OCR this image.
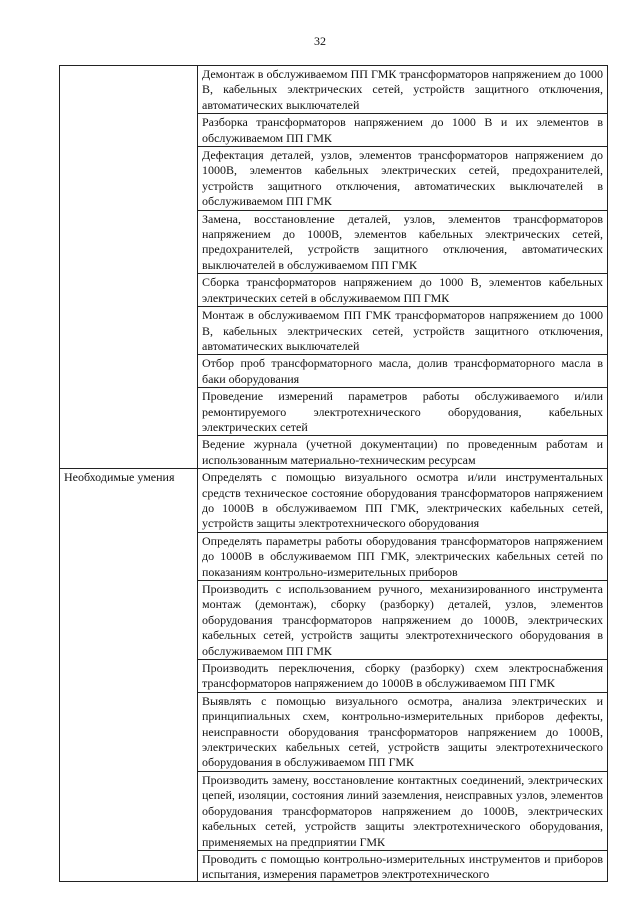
32
	Демонтаж в обслуживаемом ПП ГМК трансформаторов напряжением до 1000 В, кабельных электрических сетей, устройств защитного отключения, автоматических выключателей
	Разборка трансформаторов напряжением до 1000 В и их элементов в обслуживаемом ПП ГМК
	Дефектация деталей, узлов, элементов трансформаторов напряжением до 1000В, элементов кабельных электрических сетей, предохранителей, устройств защитного отключения, автоматических выключателей в обслуживаемом ПП ГМК
	Замена, восстановление деталей, узлов, элементов трансформаторов напряжением до 1000В, элементов кабельных электрических сетей, предохранителей, устройств защитного отключения, автоматических выключателей в обслуживаемом ПП ГМК
	Сборка трансформаторов напряжением до 1000 В, элементов кабельных электрических сетей в обслуживаемом ПП ГМК
	Монтаж в обслуживаемом ПП ГМК трансформаторов напряжением до 1000 В, кабельных электрических сетей, устройств защитного отключения, автоматических выключателей
	Отбор проб трансформаторного масла, долив трансформаторного масла в баки оборудования
	Проведение измерений параметров работы обслуживаемого и/или ремонтируемого электротехнического оборудования, кабельных электрических сетей
	Ведение журнала (учетной документации) по проведенным работам и использованным материально-техническим ресурсам
Необходимые умения	Определять с помощью визуального осмотра и/или инструментальных средств техническое состояние оборудования трансформаторов напряжением до 1000В в обслуживаемом ПП ГМК, электрических кабельных сетей, устройств защиты электротехнического оборудования
	Определять параметры работы оборудования трансформаторов напряжением до 1000В в обслуживаемом ПП ГМК, электрических кабельных сетей по показаниям контрольно-измерительных приборов
	Производить с использованием ручного, механизированного инструмента монтаж (демонтаж), сборку (разборку) деталей, узлов, элементов оборудования трансформаторов напряжением до 1000В, электрических кабельных сетей, устройств защиты электротехнического оборудования в обслуживаемом ПП ГМК
	Производить переключения, сборку (разборку) схем электроснабжения трансформаторов напряжением до 1000В в обслуживаемом ПП ГМК
	Выявлять с помощью визуального осмотра, анализа электрических и принципиальных схем, контрольно-измерительных приборов дефекты, неисправности оборудования трансформаторов напряжением до 1000В, электрических кабельных сетей, устройств защиты электротехнического оборудования в обслуживаемом ПП ГМК
	Производить замену, восстановление контактных соединений, электрических цепей, изоляции, состояния линий заземления, неисправных узлов, элементов оборудования трансформаторов напряжением до 1000В, электрических кабельных сетей, устройств защиты электротехнического оборудования, применяемых на предприятии ГМК

	Проводить с помощью контрольно-измерительных инструментов и приборов испытания, измерения параметров электротехнического
